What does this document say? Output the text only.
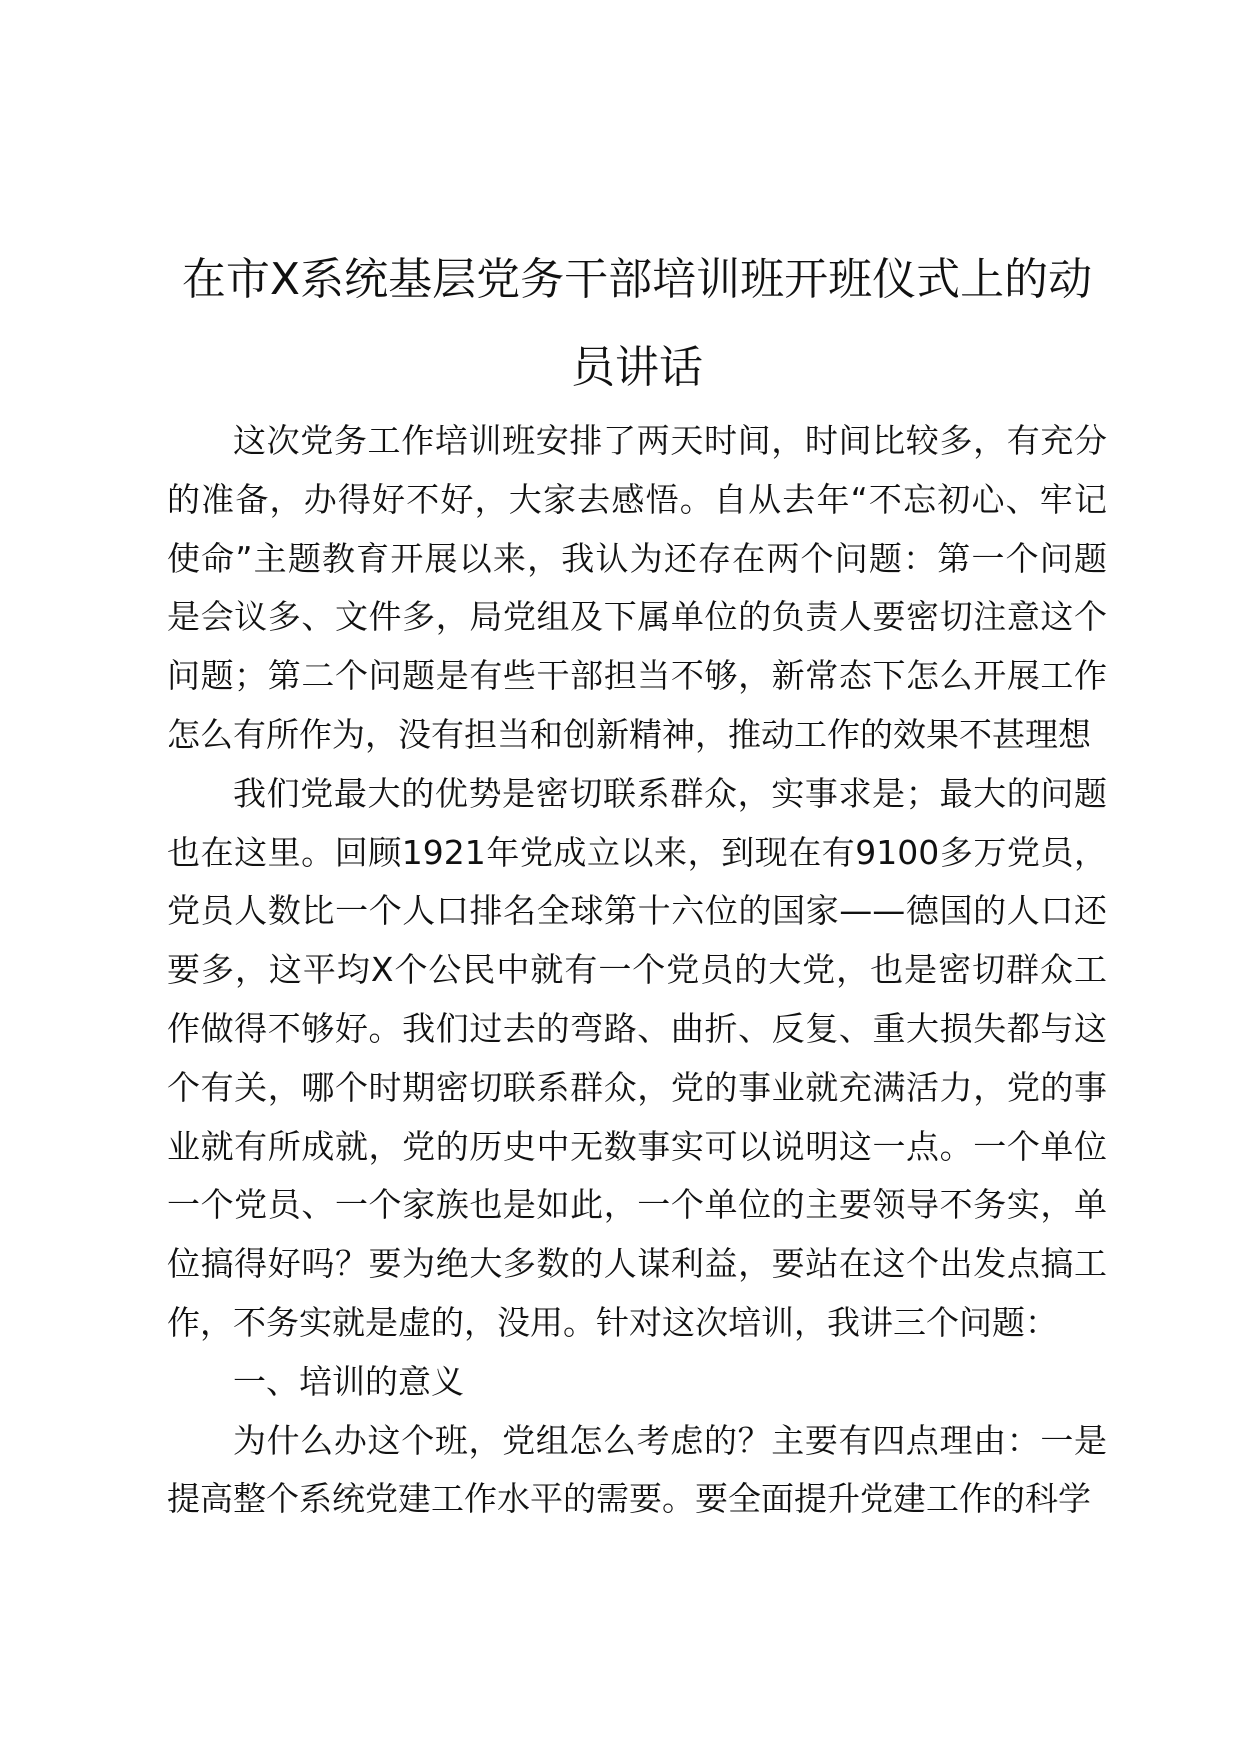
在市X系统基层党务干部培训班开班仪式上的动员讲话

这次党务工作培训班安排了两天时间，时间比较多，有充分的准备，办得好不好，大家去感悟。自从去年“不忘初心、牢记使命”主题教育开展以来，我认为还存在两个问题：第一个问题是会议多、文件多，局党组及下属单位的负责人要密切注意这个问题；第二个问题是有些干部担当不够，新常态下怎么开展工作怎么有所作为，没有担当和创新精神，推动工作的效果不甚理想

我们党最大的优势是密切联系群众，实事求是；最大的问题也在这里。回顾1921年党成立以来，到现在有9100多万党员，党员人数比一个人口排名全球第十六位的国家——德国的人口还要多，这平均X个公民中就有一个党员的大党，也是密切群众工作做得不够好。我们过去的弯路、曲折、反复、重大损失都与这个有关，哪个时期密切联系群众，党的事业就充满活力，党的事业就有所成就，党的历史中无数事实可以说明这一点。一个单位一个党员、一个家族也是如此，一个单位的主要领导不务实，单位搞得好吗？要为绝大多数的人谋利益，要站在这个出发点搞工作，不务实就是虚的，没用。针对这次培训，我讲三个问题：

一、培训的意义

为什么办这个班，党组怎么考虑的？主要有四点理由：一是提高整个系统党建工作水平的需要。要全面提升党建工作的科学
